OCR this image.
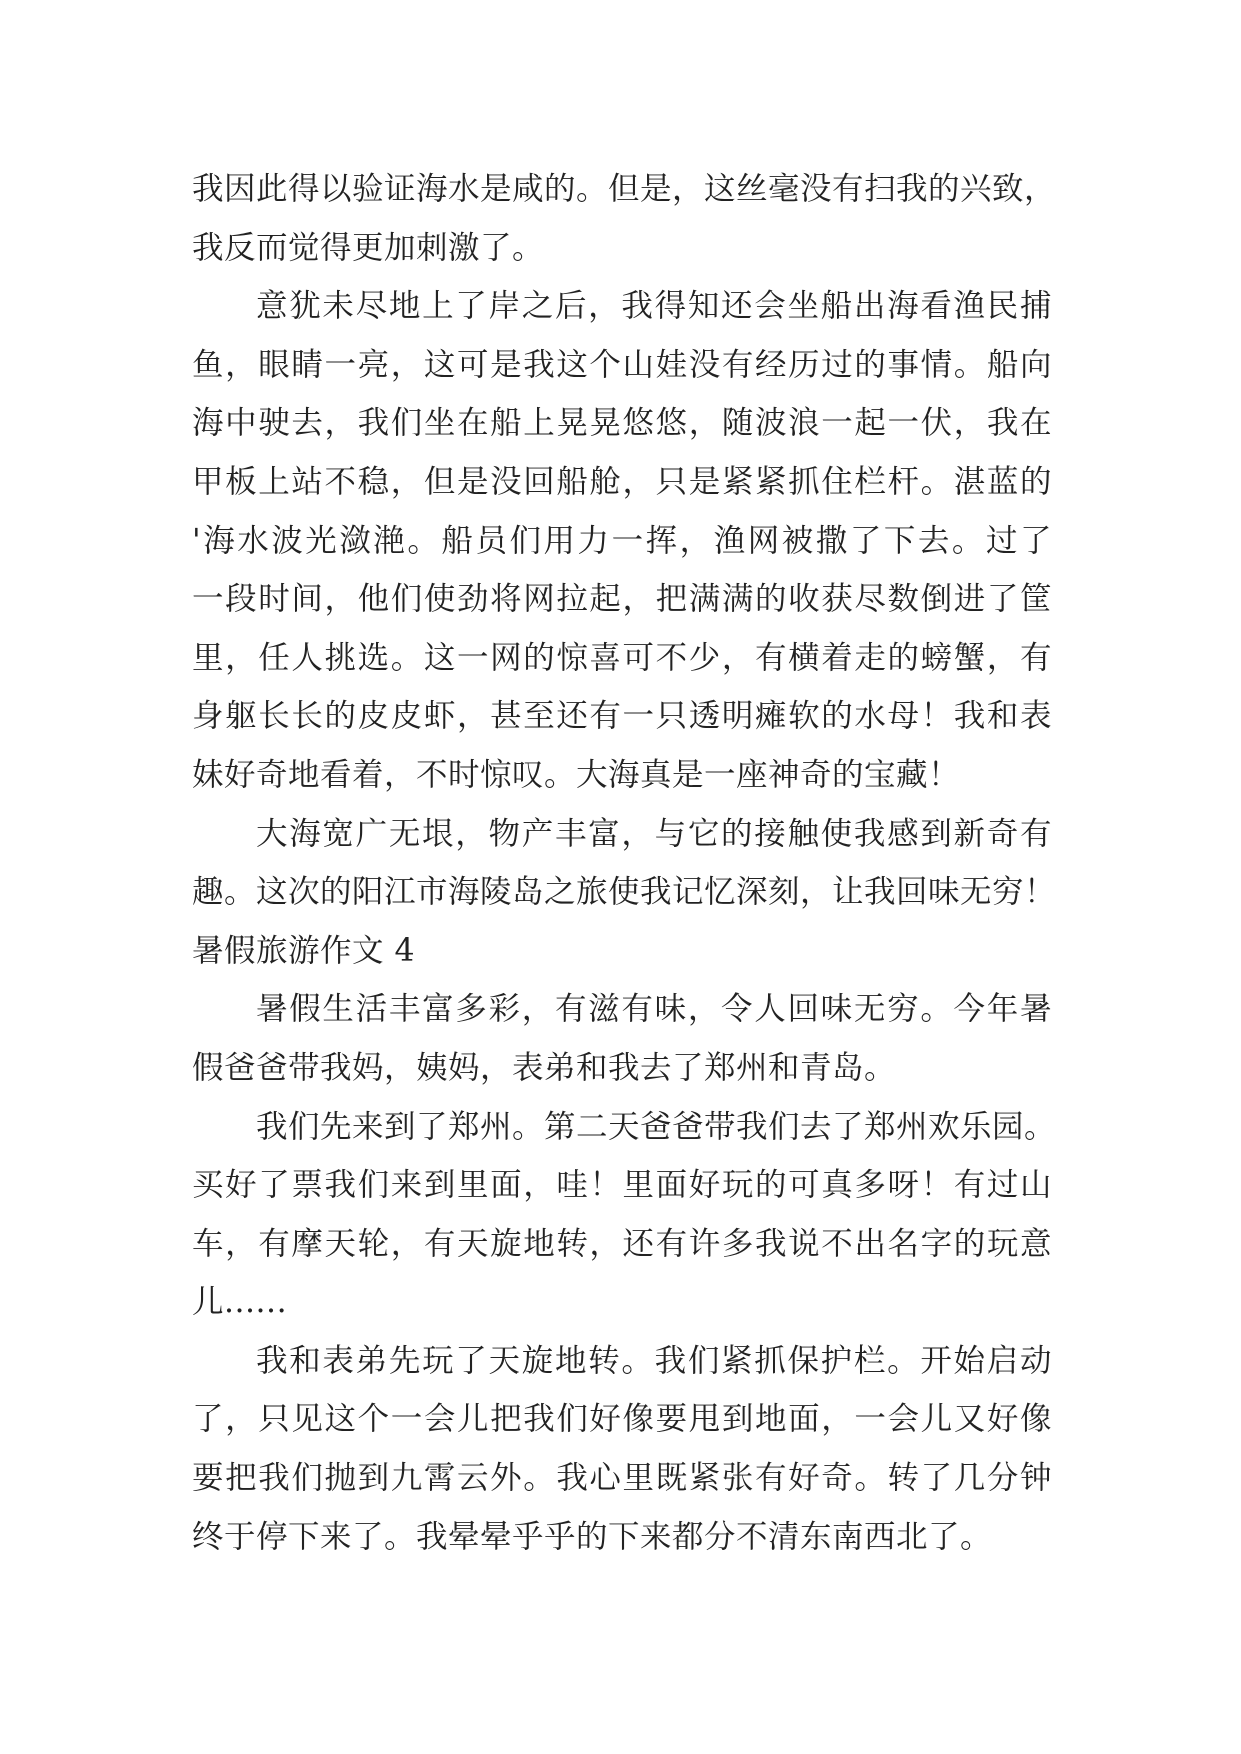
我因此得以验证海水是咸的。但是，这丝毫没有扫我的兴致，
我反而觉得更加刺激了。
意犹未尽地上了岸之后，我得知还会坐船出海看渔民捕
鱼，眼睛一亮，这可是我这个山娃没有经历过的事情。船向
海中驶去，我们坐在船上晃晃悠悠，随波浪一起一伏，我在
甲板上站不稳，但是没回船舱，只是紧紧抓住栏杆。湛蓝的
'海水波光潋滟。船员们用力一挥，渔网被撒了下去。过了
一段时间，他们使劲将网拉起，把满满的收获尽数倒进了筐
里，任人挑选。这一网的惊喜可不少，有横着走的螃蟹，有
身躯长长的皮皮虾，甚至还有一只透明瘫软的水母！我和表
妹好奇地看着，不时惊叹。大海真是一座神奇的宝藏！
大海宽广无垠，物产丰富，与它的接触使我感到新奇有
趣。这次的阳江市海陵岛之旅使我记忆深刻，让我回味无穷！
暑假旅游作文 4
暑假生活丰富多彩，有滋有味，令人回味无穷。今年暑
假爸爸带我妈，姨妈，表弟和我去了郑州和青岛。
我们先来到了郑州。第二天爸爸带我们去了郑州欢乐园。
买好了票我们来到里面，哇！里面好玩的可真多呀！有过山
车，有摩天轮，有天旋地转，还有许多我说不出名字的玩意
儿......
我和表弟先玩了天旋地转。我们紧抓保护栏。开始启动
了，只见这个一会儿把我们好像要甩到地面，一会儿又好像
要把我们抛到九霄云外。我心里既紧张有好奇。转了几分钟
终于停下来了。我晕晕乎乎的下来都分不清东南西北了。
